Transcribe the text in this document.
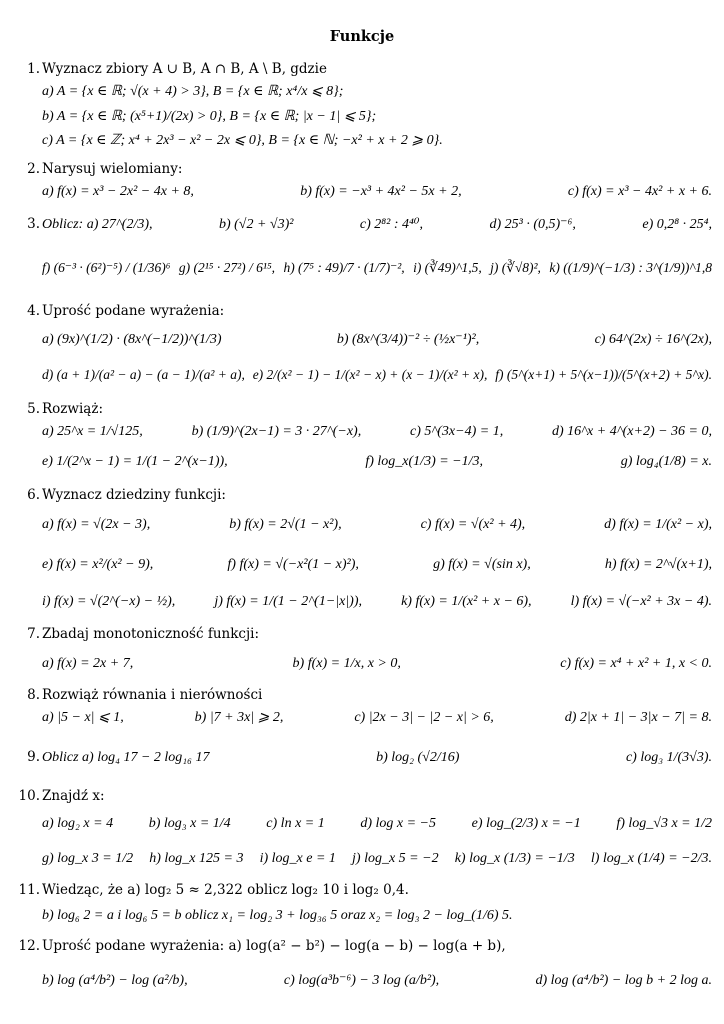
Funkcje
1. Wyznacz zbiory A ∪ B, A ∩ B, A \ B, gdzie
a) A = {x ∈ ℝ; √(x + 4) > 3}, B = {x ∈ ℝ; x⁴/x ⩽ 8};
b) A = {x ∈ ℝ; (x⁵+1)/(2x) > 0}, B = {x ∈ ℝ; |x − 1| ⩽ 5};
c) A = {x ∈ ℤ; x⁴ + 2x³ − x² − 2x ⩽ 0}, B = {x ∈ ℕ; −x² + x + 2 ⩾ 0}.
2. Narysuj wielomiany:
a) f(x) = x³ − 2x² − 4x + 8,	b) f(x) = −x³ + 4x² − 5x + 2,	c) f(x) = x³ − 4x² + x + 6.
3. Oblicz: a) 27^(2/3),	b) (√2 + √3)²	c) 2⁸² : 4⁴⁰,	d) 25³ · (0,5)⁻⁶,	e) 0,2⁸ · 25⁴,
f) (6⁻³ · (6²)⁻⁵) / (1/36)⁶ g) (2¹⁵ · 27²) / 6¹⁵, h) (7⁵ : 49)/7 · (1/7)⁻², i) (∛49)^1,5, j) (∛√8)², k) ((1/9)^(−1/3) : 3^(1/9))^1,8
4. Uprość podane wyrażenia:
a) (9x)^(1/2) · (8x^(−1/2))^(1/3)	b) (8x^(3/4))⁻² ÷ (½x⁻¹)²,	c) 64^(2x) ÷ 16^(2x),
d) (a + 1)/(a² − a) − (a − 1)/(a² + a), e) 2/(x² − 1) − 1/(x² − x) + (x − 1)/(x² + x), f) (5^(x+1) + 5^(x−1))/(5^(x+2) + 5^x).
5. Rozwiąż:
a) 25^x = 1/√125,	b) (1/9)^(2x−1) = 3 · 27^(−x),	c) 5^(3x−4) = 1,	d) 16^x + 4^(x+2) − 36 = 0,
e) 1/(2^x − 1) = 1/(1 − 2^(x−1)),	f) log_x(1/3) = −1/3,	g) log₄(1/8) = x.
6. Wyznacz dziedziny funkcji:
a) f(x) = √(2x − 3),	b) f(x) = 2√(1 − x²),	c) f(x) = √(x² + 4),	d) f(x) = 1/(x² − x),
e) f(x) = x²/(x² − 9),	f) f(x) = √(−x²(1 − x)²),	g) f(x) = √(sin x),	h) f(x) = 2^√(x+1),
i) f(x) = √(2^(−x) − ½),	j) f(x) = 1/(1 − 2^(1−|x|)),	k) f(x) = 1/(x² + x − 6),	l) f(x) = √(−x² + 3x − 4).
7. Zbadaj monotoniczność funkcji:
a) f(x) = 2x + 7,	b) f(x) = 1/x, x > 0,	c) f(x) = x⁴ + x² + 1, x < 0.
8. Rozwiąż równania i nierówności
a) |5 − x| ⩽ 1,	b) |7 + 3x| ⩾ 2,	c) |2x − 3| − |2 − x| > 6,	d) 2|x + 1| − 3|x − 7| = 8.
9. Oblicz a) log₄ 17 − 2 log₁₆ 17	b) log₂ (√2/16)	c) log₃ 1/(3√3).
10. Znajdź x:
a) log₂ x = 4	b) log₃ x = 1/4	c) ln x = 1	d) log x = −5	e) log_(2/3) x = −1	f) log_√3 x = 1/2
g) log_x 3 = 1/2 h) log_x 125 = 3 i) log_x e = 1 j) log_x 5 = −2 k) log_x (1/3) = −1/3 l) log_x (1/4) = −2/3.
11. Wiedząc, że a) log₂ 5 ≈ 2,322 oblicz log₂ 10 i log₂ 0,4.
b) log₆ 2 = a i log₆ 5 = b oblicz x₁ = log₂ 3 + log₃₆ 5 oraz x₂ = log₃ 2 − log_(1/6) 5.
12. Uprość podane wyrażenia: a) log(a² − b²) − log(a − b) − log(a + b),
b) log (a⁴/b²) − log (a²/b),	c) log(a³b⁻⁶) − 3 log (a/b²),	d) log (a⁴/b²) − log b + 2 log a.
